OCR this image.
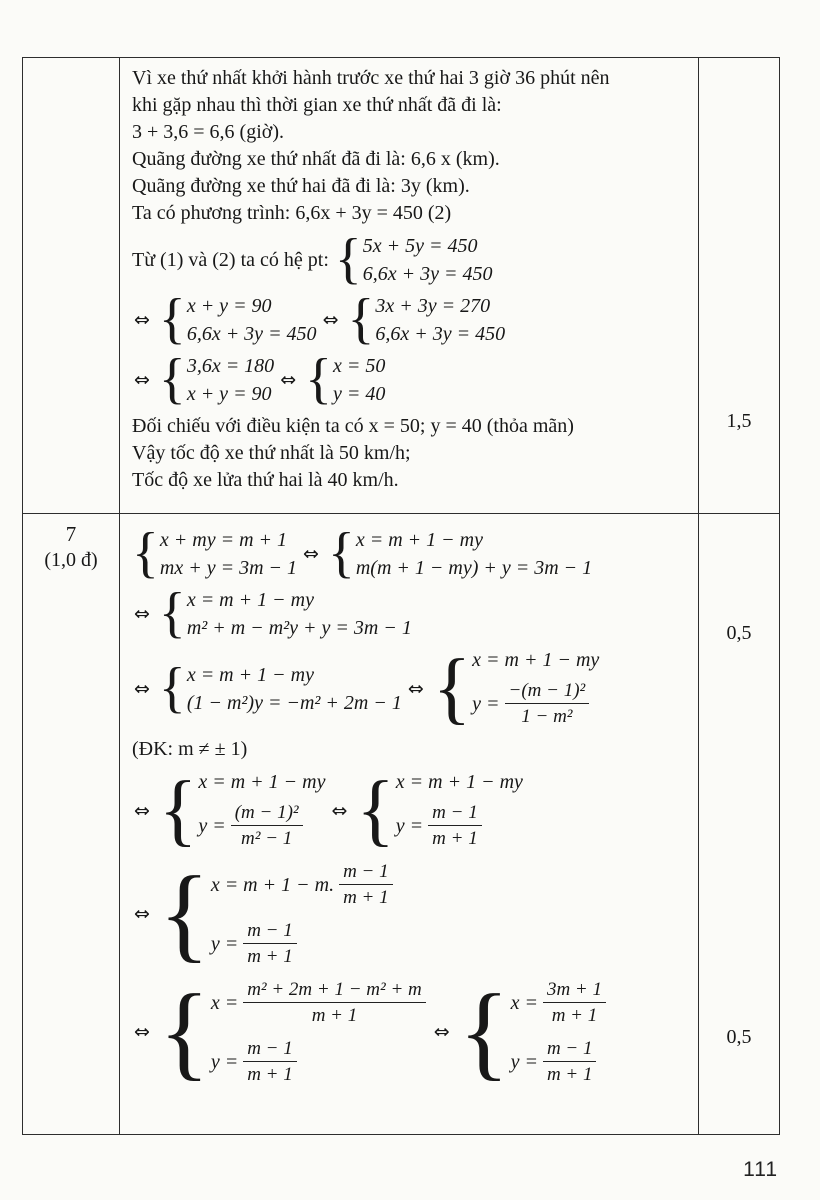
Vì xe thứ nhất khởi hành trước xe thứ hai 3 giờ 36 phút nên

khi gặp nhau thì thời gian xe thứ nhất đã đi là:

3 + 3,6 = 6,6 (giờ).

Quãng đường xe thứ nhất đã đi là: 6,6 x (km).

Quãng đường xe thứ hai đã đi là: 3y (km).

Ta có phương trình: 6,6x + 3y = 450 (2)

Từ (1) và (2) ta có hệ pt: { 5x + 5y = 450
6,6x + 3y = 450
⇔ { x + y = 90
6,6x + 3y = 450
⇔ { 3x + 3y = 270
6,6x + 3y = 450
⇔ { 3,6x = 180
x + y = 90
⇔ { x = 50
y = 40

Đối chiếu với điều kiện ta có x = 50; y = 40 (thỏa mãn)

Vậy tốc độ xe thứ nhất là 50 km/h;

Tốc độ xe lửa thứ hai là 40 km/h.

1,5
7
(1,0 đ) { x + my = m + 1
mx + y = 3m − 1
⇔ { x = m + 1 − my
m(m + 1 − my) + y = 3m − 1
⇔ { x = m + 1 − my
m² + m − m²y + y = 3m − 1
⇔ { x = m + 1 − my
(1 − m²)y = −m² + 2m − 1
⇔ { x = m + 1 − my
$y = \frac{\text{−(m − 1)²}}{\text{1 − m²}}$

(ĐK: m ≠ ± 1)

⇔ { x = m + 1 − my
$y = \frac{\text{(m − 1)²}}{\text{m² − 1}}$ ⇔ { x = m + 1 − my
$y = \frac{m - 1}{m + 1}$
⇔ { x = m + 1 − m. $\frac{m - 1}{m + 1}$
$y = \frac{m - 1}{m + 1}$
⇔ { $x = \frac{\text{m² + 2m + 1 − m² + m}}{m + 1}$
$y = \frac{m - 1}{m + 1}$
⇔ { $x = \frac{3m + 1}{m + 1}$
$y = \frac{m - 1}{m + 1}$
0,5
0,5
111
